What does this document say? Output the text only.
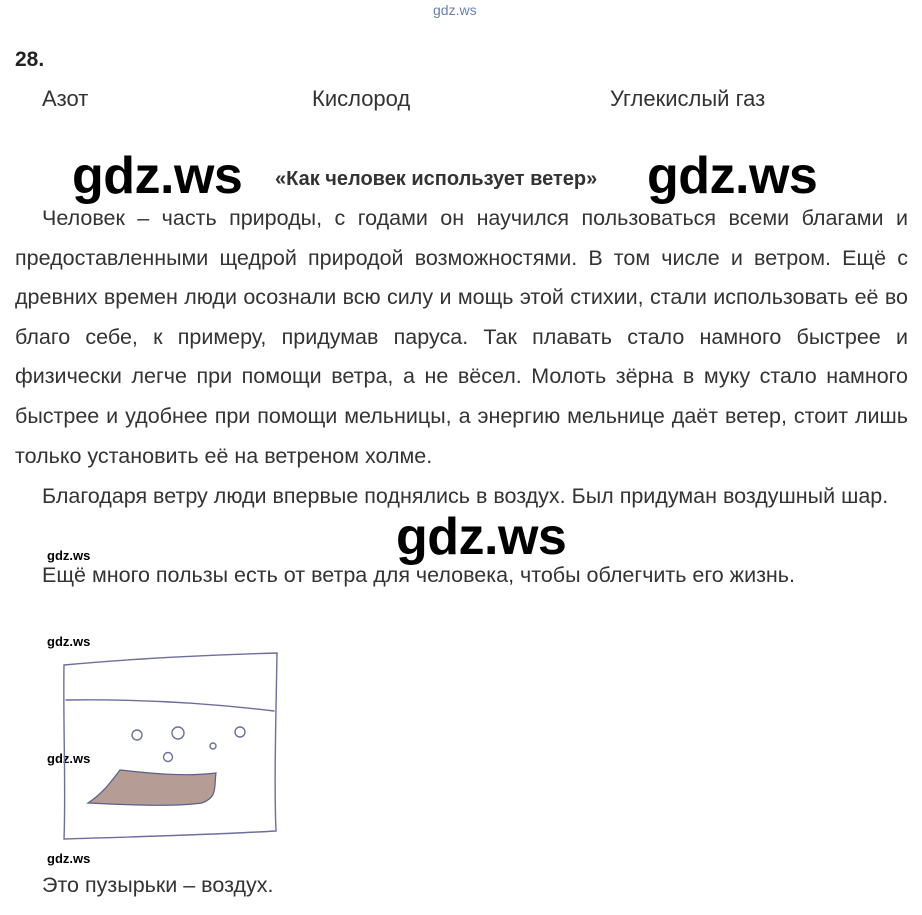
gdz.ws
28.
Азот	Кислород	Углекислый газ
gdz.ws «Как человек использует ветер» gdz.ws

Человек – часть природы, с годами он научился пользоваться всеми благами и предоставленными щедрой природой возможностями. В том числе и ветром. Ещё с древних времен люди осознали всю силу и мощь этой стихии, стали использовать её во благо себе, к примеру, придумав паруса. Так плавать стало намного быстрее и физически легче при помощи ветра, а не вёсел. Молоть зёрна в муку стало намного быстрее и удобнее при помощи мельницы, а энергию мельнице даёт ветер, стоит лишь только установить её на ветреном холме.

Благодаря ветру люди впервые поднялись в воздух. Был придуман воздушный шар.

Ещё много пользы есть от ветра для человека, чтобы облегчить его жизнь.

gdz.ws
gdz.ws
gdz.ws
gdz.ws
gdz.ws
Это пузырьки – воздух.
